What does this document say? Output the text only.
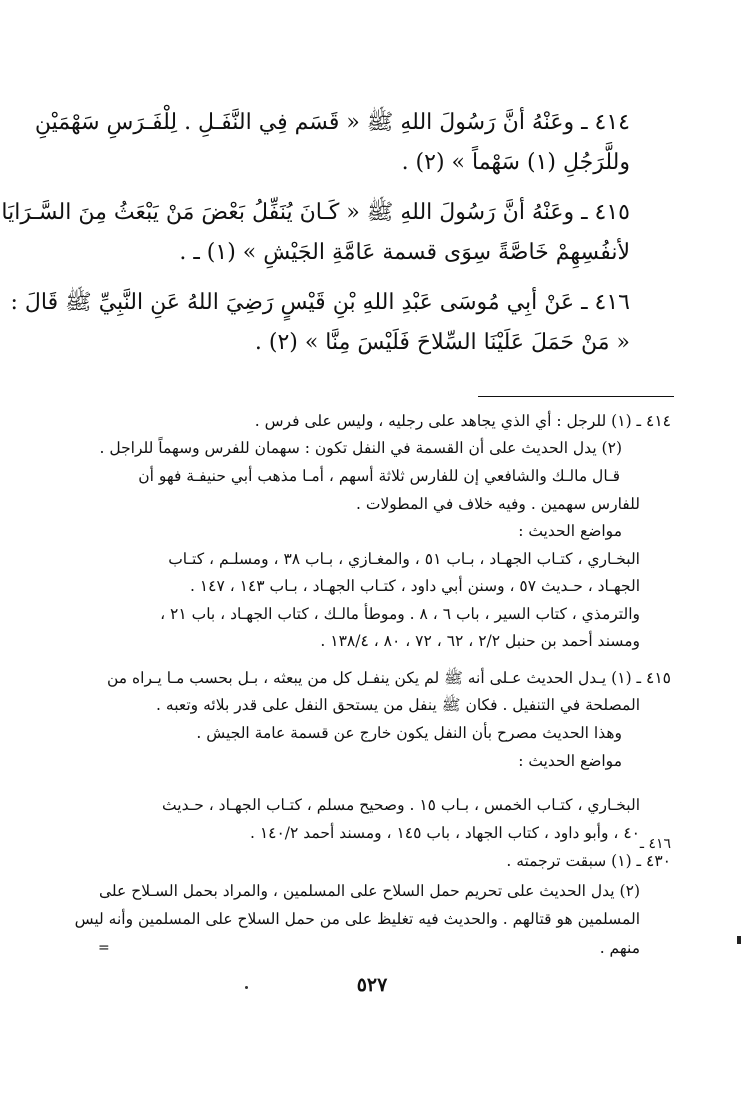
٤١٤ ـ وعَنْهُ أنَّ رَسُولَ اللهِ ﷺ « قَسَم فِي النَّفَـلِ . لِلْفَـرَسِ سَهْمَيْنِ
وللَّرَجُلِ (١) سَهْماً » (٢) .
٤١٥ ـ وعَنْهُ أنَّ رَسُولَ اللهِ ﷺ « كَـانَ يُنَفِّلُ بَعْضَ مَنْ يَبْعَثُ مِنَ السَّـرَايَا
لأنفُسِهِمْ خَاصَّةً سِوَى قسمة عَامَّةِ الجَيْشِ » (١) ـ .
٤١٦ ـ عَنْ أبِي مُوسَى عَبْدِ اللهِ بْنِ قَيْسٍ رَضِيَ اللهُ عَنِ النَّبِيِّ ﷺ قَالَ :
« مَنْ حَمَلَ عَلَيْنَا السِّلاحَ فَلَيْسَ مِنَّا » (٢) .
٤١٤ ـ (١) للرجل : أي الذي يجاهد على رجليه ، وليس على فرس .
(٢) يدل الحديث على أن القسمة في النفل تكون : سهمان للفرس وسهماً للراجل .
قـال مالـك والشافعي إن للفارس ثلاثة أسهم ، أمـا مذهب أبي حنيفـة فهو أن
للفارس سهمين . وفيه خلاف في المطولات .
مواضع الحديث :
البخـاري ، كتـاب الجهـاد ، بـاب ٥١ ، والمغـازي ، بـاب ٣٨ ، ومسلـم ، كتـاب
الجهـاد ، حـديث ٥٧ ، وسنن أبي داود ، كتـاب الجهـاد ، بـاب ١٤٣ ، ١٤٧ .
والترمذي ، كتاب السير ، باب ٦ ، ٨ . وموطأ مالـك ، كتاب الجهـاد ، باب ٢١ ،
ومسند أحمد بن حنبل ٢/٢ ، ٦٢ ، ٧٢ ، ٨٠ ، ١٣٨/٤ .
٤١٥ ـ (١) يـدل الحديث عـلى أنه ﷺ لم يكن ينفـل كل من يبعثه ، بـل بحسب مـا يـراه من
المصلحة في التنفيل . فكان ﷺ ينفل من يستحق النفل على قدر بلائه وتعبه .
وهذا الحديث مصرح بأن النفل يكون خارج عن قسمة عامة الجيش .
مواضع الحديث :
البخـاري ، كتـاب الخمس ، بـاب ١٥ . وصحيح مسلم ، كتـاب الجهـاد ، حـديث
٤٠ ، وأبو داود ، كتاب الجهاد ، باب ١٤٥ ، ومسند أحمد ١٤٠/٢ .
٤١٦ ـ
٤٣٠ ـ (١) سبقت ترجمته .
(٢) يدل الحديث على تحريم حمل السلاح على المسلمين ، والمراد بحمل السـلاح على
المسلمين هو قتالهم . والحديث فيه تغليظ على من حمل السلاح على المسلمين وأنه ليس
منهم .
=
٥٢٧
